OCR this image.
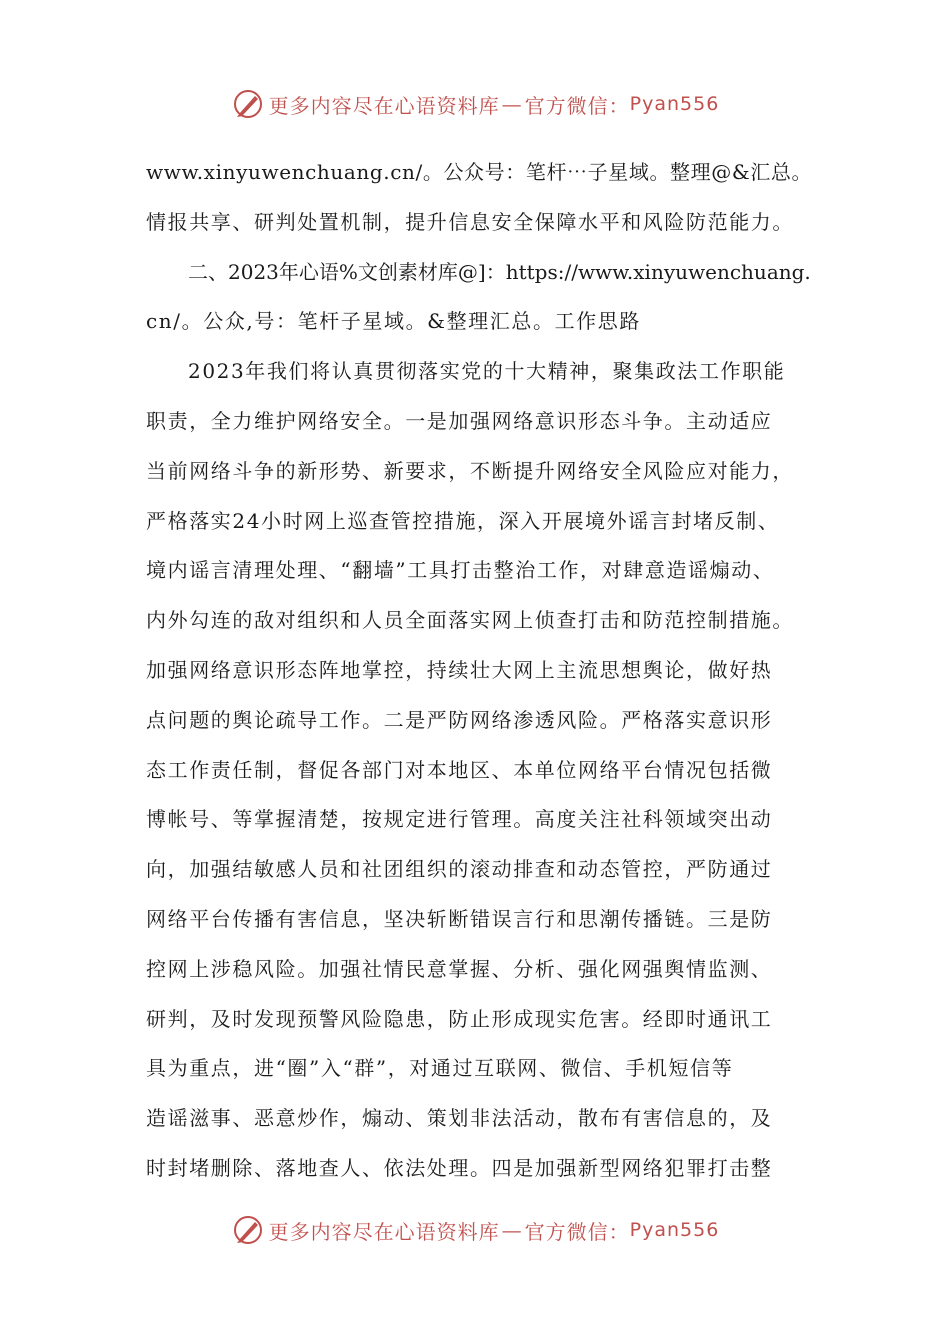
更多内容尽在心语资料库 — 官方微信： Pyan556
www.xinyuwenchuang.cn/。公众号：笔杆⋯子星域。整理@&汇总。
情报共享、研判处置机制，提升信息安全保障水平和风险防范能力。
二、2023年心语%文创素材库@]：https://www.xinyuwenchuang.
cn/。公众,号：笔杆子星域。&整理汇总。工作思路
2023年我们将认真贯彻落实党的十大精神，聚集政法工作职能
职责，全力维护网络安全。一是加强网络意识形态斗争。主动适应
当前网络斗争的新形势、新要求，不断提升网络安全风险应对能力，
严格落实24小时网上巡查管控措施，深入开展境外谣言封堵反制、
境内谣言清理处理、“翻墙”工具打击整治工作，对肆意造谣煽动、
内外勾连的敌对组织和人员全面落实网上侦查打击和防范控制措施。
加强网络意识形态阵地掌控，持续壮大网上主流思想舆论，做好热
点问题的舆论疏导工作。二是严防网络渗透风险。严格落实意识形
态工作责任制，督促各部门对本地区、本单位网络平台情况包括微
博帐号、等掌握清楚，按规定进行管理。高度关注社科领域突出动
向，加强结敏感人员和社团组织的滚动排查和动态管控，严防通过
网络平台传播有害信息，坚决斩断错误言行和思潮传播链。三是防
控网上涉稳风险。加强社情民意掌握、分析、强化网强舆情监测、
研判，及时发现预警风险隐患，防止形成现实危害。经即时通讯工
具为重点，进“圈”入“群”，对通过互联网、微信、手机短信等
造谣滋事、恶意炒作，煽动、策划非法活动，散布有害信息的，及
时封堵删除、落地查人、依法处理。四是加强新型网络犯罪打击整
更多内容尽在心语资料库 — 官方微信： Pyan556
